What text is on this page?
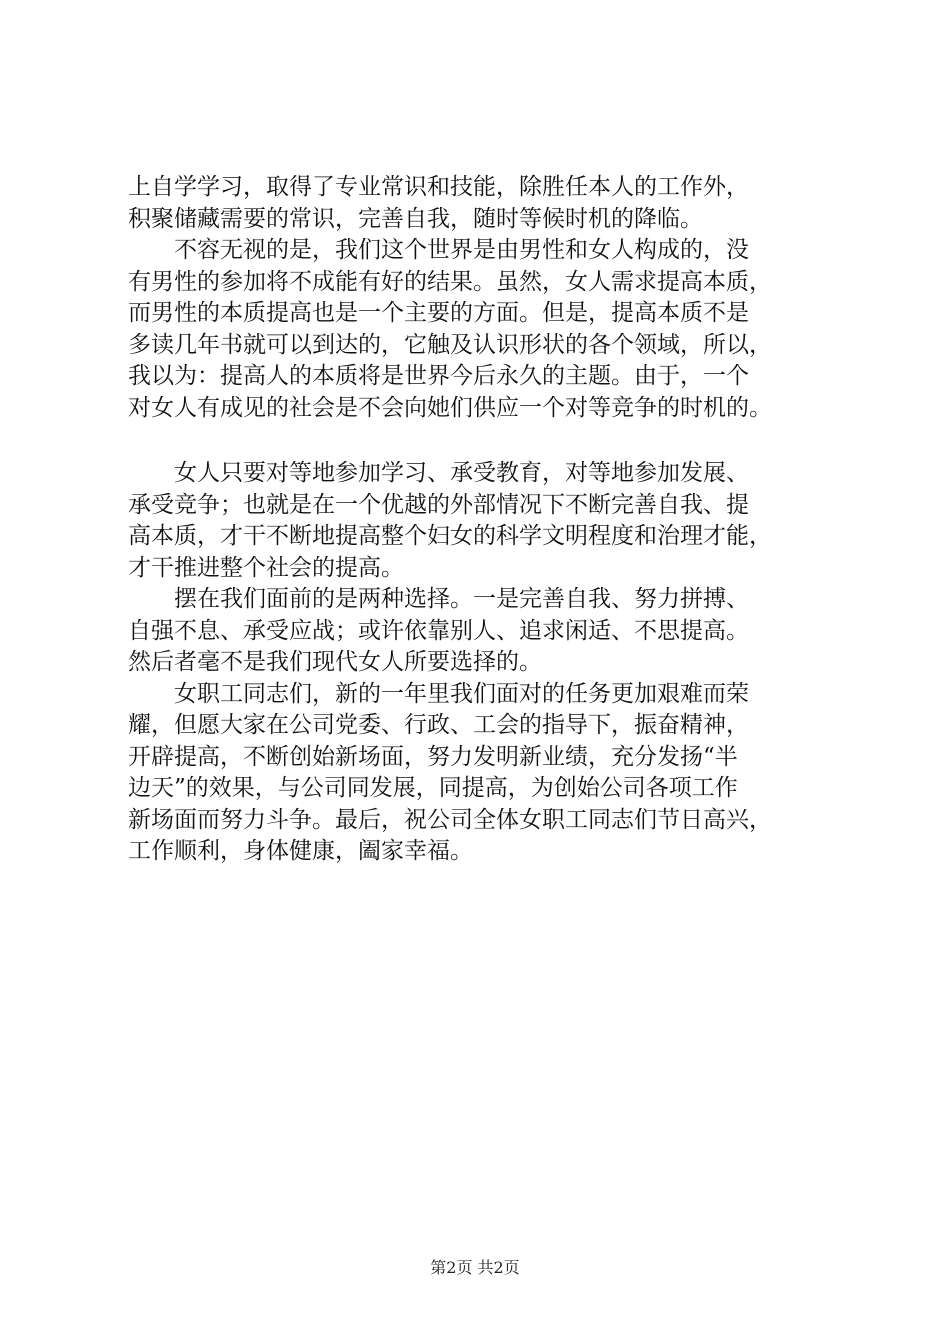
上自学学习，取得了专业常识和技能，除胜任本人的工作外，
积聚储藏需要的常识，完善自我，随时等候时机的降临。
不容无视的是，我们这个世界是由男性和女人构成的，没
有男性的参加将不成能有好的结果。虽然，女人需求提高本质，
而男性的本质提高也是一个主要的方面。但是，提高本质不是
多读几年书就可以到达的，它触及认识形状的各个领域，所以，
我以为：提高人的本质将是世界今后永久的主题。由于，一个
对女人有成见的社会是不会向她们供应一个对等竞争的时机的。
女人只要对等地参加学习、承受教育，对等地参加发展、
承受竞争；也就是在一个优越的外部情况下不断完善自我、提
高本质，才干不断地提高整个妇女的科学文明程度和治理才能，
才干推进整个社会的提高。
摆在我们面前的是两种选择。一是完善自我、努力拼搏、
自强不息、承受应战；或许依靠别人、追求闲适、不思提高。
然后者毫不是我们现代女人所要选择的。
女职工同志们，新的一年里我们面对的任务更加艰难而荣
耀，但愿大家在公司党委、行政、工会的指导下，振奋精神，
开辟提高，不断创始新场面，努力发明新业绩，充分发扬“半
边天”的效果，与公司同发展，同提高，为创始公司各项工作
新场面而努力斗争。最后，祝公司全体女职工同志们节日高兴，
工作顺利，身体健康，阖家幸福。
第2页 共2页
